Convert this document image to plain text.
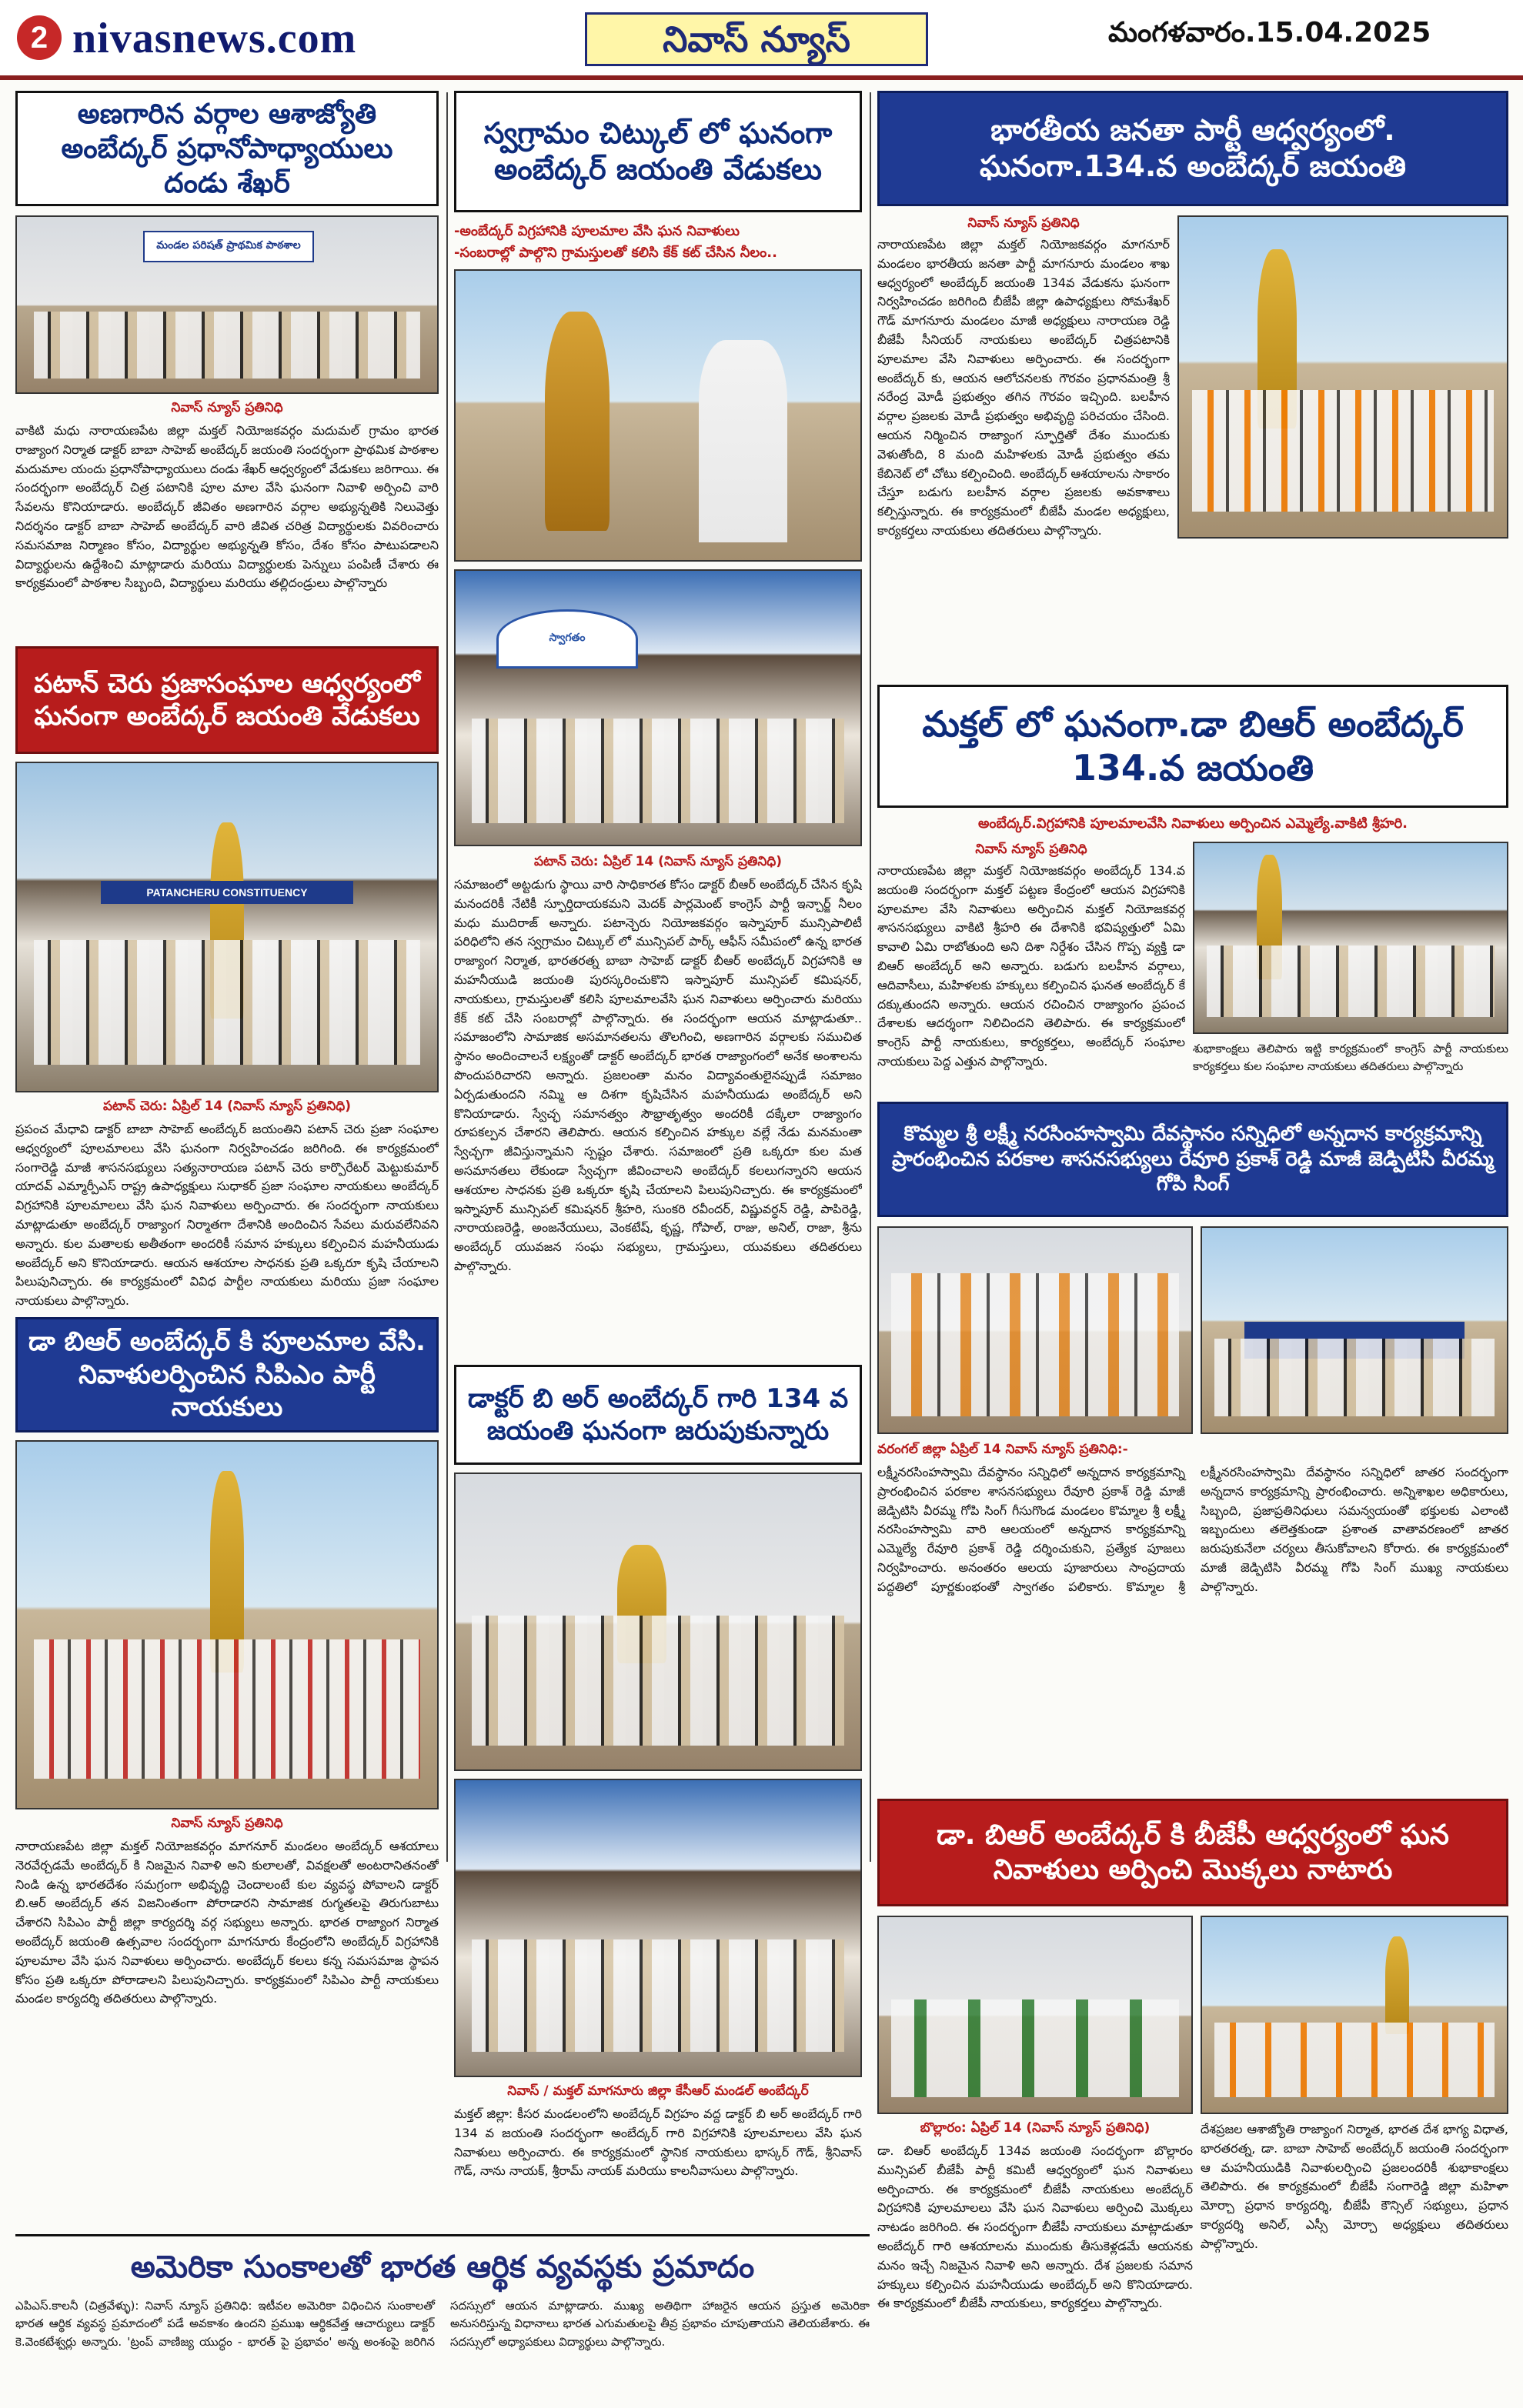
2 nivasnews.com	నివాస్ న్యూస్	మంగళవారం.15.04.2025
అణగారిన వర్గాల ఆశాజ్యోతి అంబేద్కర్ ప్రధానోపాధ్యాయులు దండు శేఖర్
మండల పరిషత్ ప్రాథమిక పాఠశాల
నివాస్ న్యూస్ ప్రతినిధి
వాకిటి మధు నారాయణపేట జిల్లా మక్తల్ నియోజకవర్గం మదుమల్ గ్రామం భారత రాజ్యాంగ నిర్మాత డాక్టర్ బాబా సాహెబ్ అంబేద్కర్ జయంతి సందర్భంగా ప్రాథమిక పాఠశాల మదుమాల యందు ప్రధానోపాధ్యాయులు దండు శేఖర్ ఆధ్వర్యంలో వేడుకలు జరిగాయి. ఈ సందర్భంగా అంబేద్కర్ చిత్ర పటానికి పూల మాల వేసి ఘనంగా నివాళి అర్పించి వారి సేవలను కొనియాడారు. అంబేద్కర్ జీవితం అణగారిన వర్గాల అభ్యున్నతికి నిలువెత్తు నిదర్శనం డాక్టర్ బాబా సాహెబ్ అంబేద్కర్ వారి జీవిత చరిత్ర విద్యార్థులకు వివరించారు సమసమాజ నిర్మాణం కోసం, విద్యార్థుల అభ్యున్నతి కోసం, దేశం కోసం పాటుపడాలని విద్యార్థులను ఉద్దేశించి మాట్లాడారు మరియు విద్యార్థులకు పెన్నులు పంపిణీ చేశారు ఈ కార్యక్రమంలో పాఠశాల సిబ్బంది, విద్యార్థులు మరియు తల్లిదండ్రులు పాల్గొన్నారు
పటాన్ చెరు ప్రజాసంఘాల ఆధ్వర్యంలో ఘనంగా అంబేద్కర్ జయంతి వేడుకలు
PATANCHERU CONSTITUENCY
పటాన్ చెరు: ఏప్రిల్ 14 (నివాస్ న్యూస్ ప్రతినిధి)
ప్రపంచ మేధావి డాక్టర్ బాబా సాహెబ్ అంబేద్కర్ జయంతిని పటాన్ చెరు ప్రజా సంఘాల ఆధ్వర్యంలో పూలమాలలు వేసి ఘనంగా నిర్వహించడం జరిగింది. ఈ కార్యక్రమంలో సంగారెడ్డి మాజీ శాసనసభ్యులు సత్యనారాయణ పటాన్ చెరు కార్పొరేటర్ మెట్టుకుమార్ యాదవ్ ఎమ్మార్పీఎస్ రాష్ట్ర ఉపాధ్యక్షులు సుధాకర్ ప్రజా సంఘాల నాయకులు అంబేద్కర్ విగ్రహానికి పూలమాలలు వేసి ఘన నివాళులు అర్పించారు. ఈ సందర్భంగా నాయకులు మాట్లాడుతూ అంబేద్కర్ రాజ్యాంగ నిర్మాతగా దేశానికి అందించిన సేవలు మరువలేనివని అన్నారు. కుల మతాలకు అతీతంగా అందరికీ సమాన హక్కులు కల్పించిన మహనీయుడు అంబేద్కర్ అని కొనియాడారు. ఆయన ఆశయాల సాధనకు ప్రతి ఒక్కరూ కృషి చేయాలని పిలుపునిచ్చారు. ఈ కార్యక్రమంలో వివిధ పార్టీల నాయకులు మరియు ప్రజా సంఘాల నాయకులు పాల్గొన్నారు.
డా బిఆర్ అంబేద్కర్ కి పూలమాల వేసి. నివాళులర్పించిన సిపిఎం పార్టీ నాయకులు
నివాస్ న్యూస్ ప్రతినిధి
నారాయణపేట జిల్లా మక్తల్ నియోజకవర్గం మాగనూర్ మండలం అంబేద్కర్ ఆశయాలు నెరవేర్చడమే అంబేద్కర్ కి నిజమైన నివాళి అని కులాలతో, వివక్షలతో అంటరానితనంతో నిండి ఉన్న భారతదేశం సమగ్రంగా అభివృద్ధి చెందాలంటే కుల వ్యవస్థ పోవాలని డాక్టర్ బి.ఆర్ అంబేద్కర్ తన విజనింతంగా పోరాడారని సామాజిక రుగ్మతలపై తిరుగుబాటు చేశారని సిపిఎం పార్టీ జిల్లా కార్యదర్శి వర్గ సభ్యులు అన్నారు. భారత రాజ్యాంగ నిర్మాత అంబేద్కర్ జయంతి ఉత్సవాల సందర్భంగా మాగనూరు కేంద్రంలోని అంబేద్కర్ విగ్రహానికి పూలమాల వేసి ఘన నివాళులు అర్పించారు. అంబేద్కర్ కలలు కన్న సమసమాజ స్థాపన కోసం ప్రతి ఒక్కరూ పోరాడాలని పిలుపునిచ్చారు. కార్యక్రమంలో సిపిఎం పార్టీ నాయకులు మండల కార్యదర్శి తదితరులు పాల్గొన్నారు.
స్వగ్రామం చిట్కుల్ లో ఘనంగా అంబేద్కర్ జయంతి వేడుకలు
-అంబేద్కర్ విగ్రహానికి పూలమాల వేసి ఘన నివాళులు
-సంబరాల్లో పాల్గొని గ్రామస్తులతో కలిసి కేక్ కట్ చేసిన నీలం..
స్వాగతం
పటాన్ చెరు: ఏప్రిల్ 14 (నివాస్ న్యూస్ ప్రతినిధి)
సమాజంలో అట్టడుగు స్థాయి వారి సాధికారత కోసం డాక్టర్ బీఆర్ అంబేద్కర్ చేసిన కృషి మనందరికీ నేటికీ స్ఫూర్తిదాయకమని మెదక్ పార్లమెంట్ కాంగ్రెస్ పార్టీ ఇన్చార్జ్ నీలం మధు ముదిరాజ్ అన్నారు. పటాన్చెరు నియోజకవర్గం ఇస్నాపూర్ మున్సిపాలిటీ పరిధిలోని తన స్వగ్రామం చిట్కుల్ లో మున్సిపల్ పార్క్ ఆఫీస్ సమీపంలో ఉన్న భారత రాజ్యాంగ నిర్మాత, భారతరత్న బాబా సాహెబ్ డాక్టర్ బీఆర్ అంబేద్కర్ విగ్రహానికి ఆ మహనీయుడి జయంతి పురస్కరించుకొని ఇస్నాపూర్ మున్సిపల్ కమిషనర్, నాయకులు, గ్రామస్తులతో కలిసి పూలమాలవేసి ఘన నివాళులు అర్పించారు మరియు కేక్ కట్ చేసి సంబరాల్లో పాల్గొన్నారు. ఈ సందర్భంగా ఆయన మాట్లాడుతూ.. సమాజంలోని సామాజిక అసమానతలను తొలగించి, అణగారిన వర్గాలకు సముచిత స్థానం అందించాలనే లక్ష్యంతో డాక్టర్ అంబేద్కర్ భారత రాజ్యాంగంలో అనేక అంశాలను పొందుపరిచారని అన్నారు. ప్రజలంతా మనం విద్యావంతులైనప్పుడే సమాజం ఏర్పడుతుందని నమ్మి ఆ దిశగా కృషిచేసిన మహనీయుడు అంబేద్కర్ అని కొనియాడారు. స్వేచ్ఛ సమానత్వం సౌభ్రాతృత్వం అందరికీ దక్కేలా రాజ్యాంగం రూపకల్పన చేశారని తెలిపారు. ఆయన కల్పించిన హక్కుల వల్లే నేడు మనమంతా స్వేచ్ఛగా జీవిస్తున్నామని స్పష్టం చేశారు. సమాజంలో ప్రతి ఒక్కరూ కుల మత అసమానతలు లేకుండా స్వేచ్ఛగా జీవించాలని అంబేద్కర్ కలలుగన్నారని ఆయన ఆశయాల సాధనకు ప్రతి ఒక్కరూ కృషి చేయాలని పిలుపునిచ్చారు. ఈ కార్యక్రమంలో ఇస్నాపూర్ మున్సిపల్ కమిషనర్ శ్రీహరి, సుంకరి రవీందర్, విష్ణువర్ధన్ రెడ్డి, పాపిరెడ్డి, నారాయణరెడ్డి, అంజనేయులు, వెంకటేష్, కృష్ణ, గోపాల్, రాజు, అనిల్, రాజా, శ్రీను అంబేద్కర్ యువజన సంఘ సభ్యులు, గ్రామస్తులు, యువకులు తదితరులు పాల్గొన్నారు.
డాక్టర్ బి అర్ అంబేద్కర్ గారి 134 వ జయంతి ఘనంగా జరుపుకున్నారు
నివాస్ / మక్తల్ మాగనూరు జిల్లా కేసీఆర్ మండల్ అంబేద్కర్
మక్తల్ జిల్లా: కీసర మండలంలోని అంబేద్కర్ విగ్రహం వద్ద డాక్టర్ బి అర్ అంబేద్కర్ గారి 134 వ జయంతి సందర్భంగా అంబేద్కర్ గారి విగ్రహానికి పూలమాలలు వేసి ఘన నివాళులు అర్పించారు. ఈ కార్యక్రమంలో స్థానిక నాయకులు భాస్కర్ గౌడ్, శ్రీనివాస్ గౌడ్, నాను నాయక్, శ్రీరామ్ నాయక్ మరియు కాలనీవాసులు పాల్గొన్నారు.
భారతీయ జనతా పార్టీ ఆధ్వర్యంలో. ఘనంగా.134.వ అంబేద్కర్ జయంతి
నివాస్ న్యూస్ ప్రతినిధి
నారాయణపేట జిల్లా మక్తల్ నియోజకవర్గం మాగనూర్ మండలం భారతీయ జనతా పార్టీ మాగనూరు మండలం శాఖ ఆధ్వర్యంలో అంబేద్కర్ జయంతి 134వ వేడుకను ఘనంగా నిర్వహించడం జరిగింది బీజేపీ జిల్లా ఉపాధ్యక్షులు సోమశేఖర్ గౌడ్ మాగనూరు మండలం మాజీ అధ్యక్షులు నారాయణ రెడ్డి బీజేపీ సీనియర్ నాయకులు అంబేద్కర్ చిత్రపటానికి పూలమాల వేసి నివాళులు అర్పించారు. ఈ సందర్భంగా అంబేద్కర్ కు, ఆయన ఆలోచనలకు గౌరవం ప్రధానమంత్రి శ్రీ నరేంద్ర మోడీ ప్రభుత్వం తగిన గౌరవం ఇచ్చింది. బలహీన వర్గాల ప్రజలకు మోడీ ప్రభుత్వం అభివృద్ధి పరిచయం చేసింది. ఆయన నిర్మించిన రాజ్యాంగ స్ఫూర్తితో దేశం ముందుకు వెళుతోంది, 8 మంది మహిళలకు మోడీ ప్రభుత్వం తమ కేబినెట్ లో చోటు కల్పించింది. అంబేద్కర్ ఆశయాలను సాకారం చేస్తూ బడుగు బలహీన వర్గాల ప్రజలకు అవకాశాలు కల్పిస్తున్నారు. ఈ కార్యక్రమంలో బీజేపీ మండల అధ్యక్షులు, కార్యకర్తలు నాయకులు తదితరులు పాల్గొన్నారు.
మక్తల్ లో ఘనంగా.డా బిఆర్ అంబేద్కర్ 134.వ జయంతి
అంబేద్కర్.విగ్రహానికి పూలమాలవేసి నివాళులు అర్పించిన ఎమ్మెల్యే.వాకిటి శ్రీహరి.
నివాస్ న్యూస్ ప్రతినిధి
నారాయణపేట జిల్లా మక్తల్ నియోజకవర్గం అంబేద్కర్ 134.వ జయంతి సందర్భంగా మక్తల్ పట్టణ కేంద్రంలో ఆయన విగ్రహానికి పూలమాల వేసి నివాళులు అర్పించిన మక్తల్ నియోజకవర్గ శాసనసభ్యులు వాకిటి శ్రీహరి ఈ దేశానికి భవిష్యత్తులో ఏమి కావాలి ఏమి రాబోతుంది అని దిశా నిర్దేశం చేసిన గొప్ప వ్యక్తి డా బిఆర్ అంబేద్కర్ అని అన్నారు. బడుగు బలహీన వర్గాలు, ఆదివాసీలు, మహిళలకు హక్కులు కల్పించిన ఘనత అంబేద్కర్ కే దక్కుతుందని అన్నారు. ఆయన రచించిన రాజ్యాంగం ప్రపంచ దేశాలకు ఆదర్శంగా నిలిచిందని తెలిపారు. ఈ కార్యక్రమంలో కాంగ్రెస్ పార్టీ నాయకులు, కార్యకర్తలు, అంబేద్కర్ సంఘాల నాయకులు పెద్ద ఎత్తున పాల్గొన్నారు.
శుభాకాంక్షలు తెలిపారు ఇట్టి కార్యక్రమంలో కాంగ్రెస్ పార్టీ నాయకులు కార్యకర్తలు కుల సంఘాల నాయకులు తదితరులు పాల్గొన్నారు
కొమ్మల శ్రీ లక్ష్మీ నరసింహస్వామి దేవస్థానం సన్నిధిలో అన్నదాన కార్యక్రమాన్ని ప్రారంభించిన పరకాల శాసనసభ్యులు రేవూరి ప్రకాశ్ రెడ్డి మాజీ జెడ్పిటిసి వీరమ్మ గోపి సింగ్
వరంగల్ జిల్లా ఏప్రిల్ 14 నివాస్ న్యూస్ ప్రతినిధి:-
లక్ష్మీనరసింహస్వామి దేవస్థానం సన్నిధిలో అన్నదాన కార్యక్రమాన్ని ప్రారంభించిన పరకాల శాసనసభ్యులు రేవూరి ప్రకాశ్ రెడ్డి మాజీ జెడ్పిటిసి వీరమ్మ గోపి సింగ్ గీసుగొండ మండలం కొమ్మాల శ్రీ లక్ష్మీ నరసింహస్వామి వారి ఆలయంలో అన్నదాన కార్యక్రమాన్ని ఎమ్మెల్యే రేవూరి ప్రకాశ్ రెడ్డి దర్శించుకుని, ప్రత్యేక పూజలు నిర్వహించారు. అనంతరం ఆలయ పూజారులు సాంప్రదాయ పద్ధతిలో పూర్ణకుంభంతో స్వాగతం పలికారు. కొమ్మాల శ్రీ లక్ష్మీనరసింహస్వామి దేవస్థానం సన్నిధిలో జాతర సందర్భంగా అన్నదాన కార్యక్రమాన్ని ప్రారంభించారు. అన్నిశాఖల అధికారులు, సిబ్బంది, ప్రజాప్రతినిధులు సమన్వయంతో భక్తులకు ఎలాంటి ఇబ్బందులు తలెత్తకుండా ప్రశాంత వాతావరణంలో జాతర జరుపుకునేలా చర్యలు తీసుకోవాలని కోరారు. ఈ కార్యక్రమంలో మాజీ జెడ్పిటిసి వీరమ్మ గోపి సింగ్ ముఖ్య నాయకులు పాల్గొన్నారు.
డా. బిఆర్ అంబేద్కర్ కి బీజేపీ ఆధ్వర్యంలో ఘన నివాళులు అర్పించి మొక్కలు నాటారు
బొల్లారం: ఏప్రిల్ 14 (నివాస్ న్యూస్ ప్రతినిధి)
డా. బిఆర్ అంబేద్కర్ 134వ జయంతి సందర్భంగా బొల్లారం మున్సిపల్ బీజేపీ పార్టీ కమిటీ ఆధ్వర్యంలో ఘన నివాళులు అర్పించారు. ఈ కార్యక్రమంలో బీజేపీ నాయకులు అంబేద్కర్ విగ్రహానికి పూలమాలలు వేసి ఘన నివాళులు అర్పించి మొక్కలు నాటడం జరిగింది. ఈ సందర్భంగా బీజేపీ నాయకులు మాట్లాడుతూ అంబేద్కర్ గారి ఆశయాలను ముందుకు తీసుకెళ్లడమే ఆయనకు మనం ఇచ్చే నిజమైన నివాళి అని అన్నారు. దేశ ప్రజలకు సమాన హక్కులు కల్పించిన మహనీయుడు అంబేద్కర్ అని కొనియాడారు. ఈ కార్యక్రమంలో బీజేపీ నాయకులు, కార్యకర్తలు పాల్గొన్నారు.
దేశప్రజల ఆశాజ్యోతి రాజ్యాంగ నిర్మాత, భారత దేశ భాగ్య విధాత, భారతరత్న, డా. బాబా సాహెబ్ అంబేద్కర్ జయంతి సందర్భంగా ఆ మహనీయుడికి నివాళులర్పించి ప్రజలందరికీ శుభాకాంక్షలు తెలిపారు. ఈ కార్యక్రమంలో బీజేపీ సంగారెడ్డి జిల్లా మహిళా మోర్చా ప్రధాన కార్యదర్శి, బీజేపీ కౌన్సిల్ సభ్యులు, ప్రధాన కార్యదర్శి అనిల్, ఎస్సీ మోర్చా అధ్యక్షులు తదితరులు పాల్గొన్నారు.
అమెరికా సుంకాలతో భారత ఆర్థిక వ్యవస్థకు ప్రమాదం
ఎపిఎస్.కాలనీ (చిత్రవేళ్ళు): నివాస్ న్యూస్ ప్రతినిధి: ఇటీవల అమెరికా విధించిన సుంకాలతో భారత ఆర్థిక వ్యవస్థ ప్రమాదంలో పడే అవకాశం ఉందని ప్రముఖ ఆర్థికవేత్త ఆచార్యులు డాక్టర్ కె.వెంకటేశ్వర్లు అన్నారు. 'ట్రంప్ వాణిజ్య యుద్ధం - భారత్ పై ప్రభావం' అన్న అంశంపై జరిగిన సదస్సులో ఆయన మాట్లాడారు. ముఖ్య అతిథిగా హాజరైన ఆయన ప్రస్తుత అమెరికా అనుసరిస్తున్న విధానాలు భారత ఎగుమతులపై తీవ్ర ప్రభావం చూపుతాయని తెలియజేశారు. ఈ సదస్సులో అధ్యాపకులు విద్యార్థులు పాల్గొన్నారు.
